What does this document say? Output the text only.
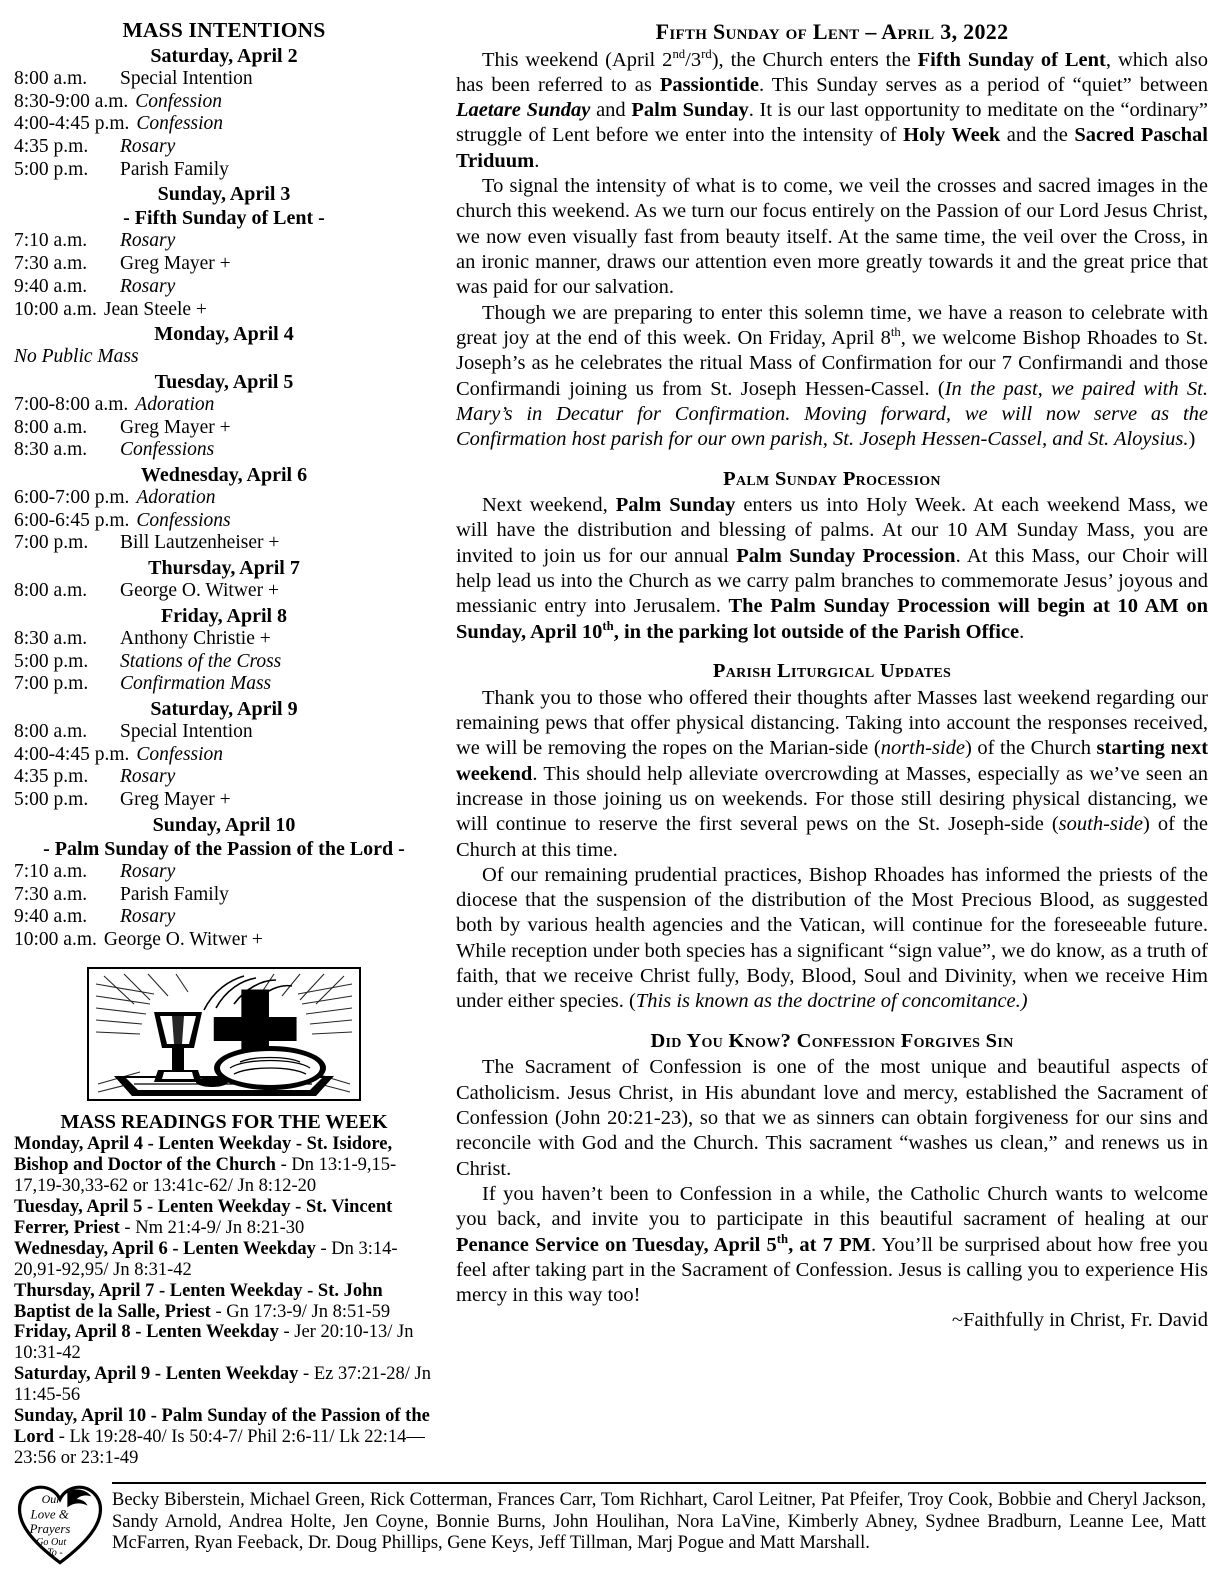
MASS INTENTIONS
Saturday, April 2
8:00 a.m.	Special Intention
8:30-9:00 a.m. Confession
4:00-4:45 p.m. Confession
4:35 p.m.	Rosary
5:00 p.m.	Parish Family
Sunday, April 3
- Fifth Sunday of Lent -
7:10 a.m.	Rosary
7:30 a.m.	Greg Mayer +
9:40 a.m.	Rosary
10:00 a.m. Jean Steele +
Monday, April 4
No Public Mass
Tuesday, April 5
7:00-8:00 a.m. Adoration
8:00 a.m.	Greg Mayer +
8:30 a.m.	Confessions
Wednesday, April 6
6:00-7:00 p.m. Adoration
6:00-6:45 p.m. Confessions
7:00 p.m.	Bill Lautzenheiser +
Thursday, April 7
8:00 a.m.	George O. Witwer +
Friday, April 8
8:30 a.m.	Anthony Christie +
5:00 p.m.	Stations of the Cross
7:00 p.m.	Confirmation Mass
Saturday, April 9
8:00 a.m.	Special Intention
4:00-4:45 p.m. Confession
4:35 p.m.	Rosary
5:00 p.m.	Greg Mayer +
Sunday, April 10
- Palm Sunday of the Passion of the Lord -
7:10 a.m.	Rosary
7:30 a.m.	Parish Family
9:40 a.m.	Rosary
10:00 a.m. George O. Witwer +
MASS READINGS FOR THE WEEK
Monday, April 4 - Lenten Weekday - St. Isidore, Bishop and Doctor of the Church - Dn 13:1-9,15-17,19-30,33-62 or 13:41c-62/ Jn 8:12-20
Tuesday, April 5 - Lenten Weekday - St. Vincent Ferrer, Priest - Nm 21:4-9/ Jn 8:21-30
Wednesday, April 6 - Lenten Weekday - Dn 3:14-20,91-92,95/ Jn 8:31-42
Thursday, April 7 - Lenten Weekday - St. John Baptist de la Salle, Priest - Gn 17:3-9/ Jn 8:51-59
Friday, April 8 - Lenten Weekday - Jer 20:10-13/ Jn 10:31-42
Saturday, April 9 - Lenten Weekday - Ez 37:21-28/ Jn 11:45-56
Sunday, April 10 - Palm Sunday of the Passion of the Lord - Lk 19:28-40/ Is 50:4-7/ Phil 2:6-11/ Lk 22:14—23:56 or 23:1-49
Fifth Sunday of Lent – April 3, 2022

This weekend (April 2nd/3rd), the Church enters the Fifth Sunday of Lent, which also has been referred to as Passiontide. This Sunday serves as a period of “quiet” between Laetare Sunday and Palm Sunday. It is our last opportunity to meditate on the “ordinary” struggle of Lent before we enter into the intensity of Holy Week and the Sacred Paschal Triduum.

To signal the intensity of what is to come, we veil the crosses and sacred images in the church this weekend. As we turn our focus entirely on the Passion of our Lord Jesus Christ, we now even visually fast from beauty itself. At the same time, the veil over the Cross, in an ironic manner, draws our attention even more greatly towards it and the great price that was paid for our salvation.

Though we are preparing to enter this solemn time, we have a reason to celebrate with great joy at the end of this week. On Friday, April 8th, we welcome Bishop Rhoades to St. Joseph’s as he celebrates the ritual Mass of Confirmation for our 7 Confirmandi and those Confirmandi joining us from St. Joseph Hessen-Cassel. (In the past, we paired with St. Mary’s in Decatur for Confirmation. Moving forward, we will now serve as the Confirmation host parish for our own parish, St. Joseph Hessen-Cassel, and St. Aloysius.)

Palm Sunday Procession

Next weekend, Palm Sunday enters us into Holy Week. At each weekend Mass, we will have the distribution and blessing of palms. At our 10 AM Sunday Mass, you are invited to join us for our annual Palm Sunday Procession. At this Mass, our Choir will help lead us into the Church as we carry palm branches to commemorate Jesus’ joyous and messianic entry into Jerusalem. The Palm Sunday Procession will begin at 10 AM on Sunday, April 10th, in the parking lot outside of the Parish Office.

Parish Liturgical Updates

Thank you to those who offered their thoughts after Masses last weekend regarding our remaining pews that offer physical distancing. Taking into account the responses received, we will be removing the ropes on the Marian-side (north-side) of the Church starting next weekend. This should help alleviate overcrowding at Masses, especially as we’ve seen an increase in those joining us on weekends. For those still desiring physical distancing, we will continue to reserve the first several pews on the St. Joseph-side (south-side) of the Church at this time.

Of our remaining prudential practices, Bishop Rhoades has informed the priests of the diocese that the suspension of the distribution of the Most Precious Blood, as suggested both by various health agencies and the Vatican, will continue for the foreseeable future. While reception under both species has a significant “sign value”, we do know, as a truth of faith, that we receive Christ fully, Body, Blood, Soul and Divinity, when we receive Him under either species. (This is known as the doctrine of concomitance.)

Did You Know? Confession Forgives Sin

The Sacrament of Confession is one of the most unique and beautiful aspects of Catholicism. Jesus Christ, in His abundant love and mercy, established the Sacrament of Confession (John 20:21-23), so that we as sinners can obtain forgiveness for our sins and reconcile with God and the Church. This sacrament “washes us clean,” and renews us in Christ.

If you haven’t been to Confession in a while, the Catholic Church wants to welcome you back, and invite you to participate in this beautiful sacrament of healing at our Penance Service on Tuesday, April 5th, at 7 PM. You’ll be surprised about how free you feel after taking part in the Sacrament of Confession. Jesus is calling you to experience His mercy in this way too!

~Faithfully in Christ, Fr. David

Our
Love &
Prayers
Go Out
To -

Becky Biberstein, Michael Green, Rick Cotterman, Frances Carr, Tom Richhart, Carol Leitner, Pat Pfeifer, Troy Cook, Bobbie and Cheryl Jackson, Sandy Arnold, Andrea Holte, Jen Coyne, Bonnie Burns, John Houlihan, Nora LaVine, Kimberly Abney, Sydnee Bradburn, Leanne Lee, Matt McFarren, Ryan Feeback, Dr. Doug Phillips, Gene Keys, Jeff Tillman, Marj Pogue and Matt Marshall.
